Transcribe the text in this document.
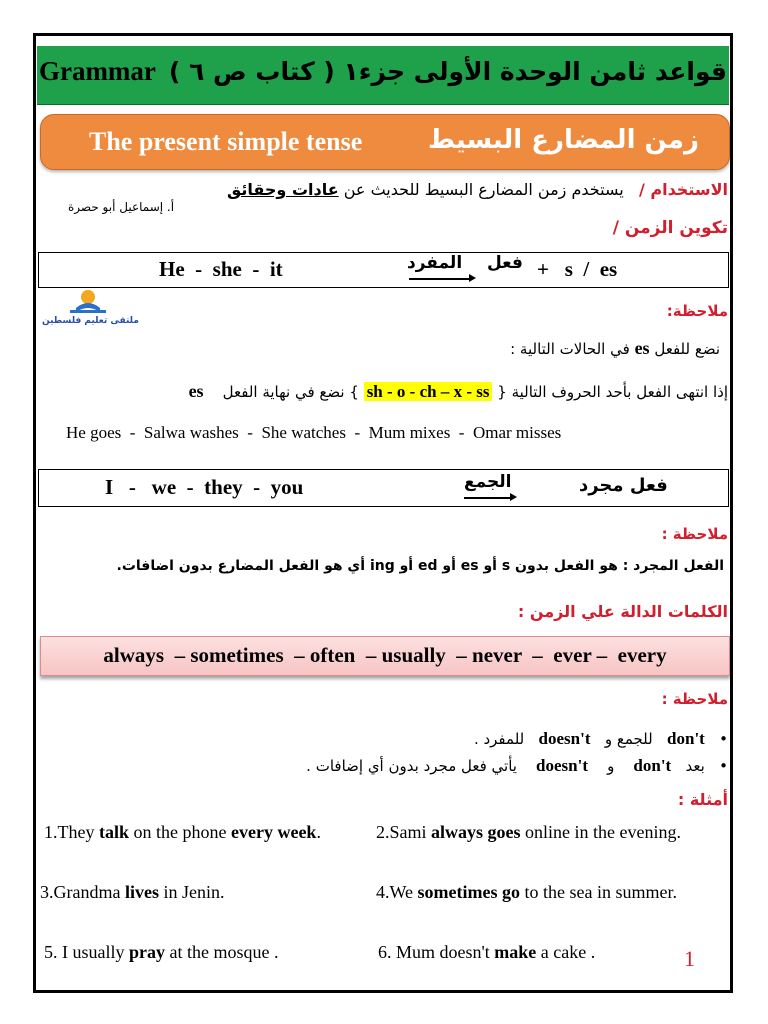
Grammar قواعد ثامن الوحدة الأولى جزء١ ( كتاب ص ٦ )
The present simple tense	زمن المضارع البسيط
الاستخدام /   يستخدم زمن المضارع البسيط للحديث عن عادات وحقائق
أ. إسماعيل أبو حصرة
تكوين الزمن /
He  -  she  -  it	المفرد فعل +   s  /  es
ملتقى تعليم فلسطين
ملاحظة:
نضع للفعل es في الحالات التالية :
إذا انتهى الفعل بأحد الحروف التالية { sh - o - ch – x - ss } نضع في نهاية الفعل    es
He goes  -  Salwa washes  -  She watches  -  Mum mixes  -  Omar misses
I   -   we  -  they  -  you	الجمع	فعل مجرد
ملاحظة :
الفعل المجرد : هو الفعل بدون s أو es أو ed أو ing أي هو الفعل المضارع بدون اضافات.
الكلمات الدالة علي الزمن :
always  – sometimes  – often  – usually  – never  –  ever –  every
ملاحظة :
•   don't   للجمع و   doesn't   للمفرد .
•   بعد   don't    و    doesn't    يأتي فعل مجرد بدون أي إضافات .
أمثلة :
1.They talk on the phone every week.	2.Sami always goes online in the evening.
3.Grandma lives in Jenin.	4.We sometimes go to the sea in summer.
5. I usually pray at the mosque .	6. Mum doesn't make a cake .	1
